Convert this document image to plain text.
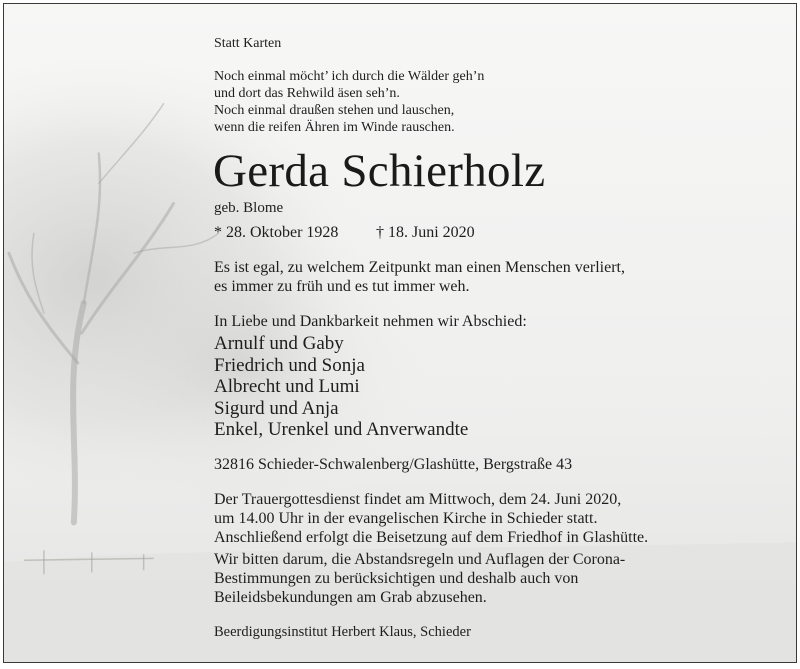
Statt Karten

Noch einmal möcht’ ich durch die Wälder geh’n
und dort das Rehwild äsen seh’n.
Noch einmal draußen stehen und lauschen,
wenn die reifen Ähren im Winde rauschen.
Gerda Schierholz

geb. Blome

* 28. Oktober 1928 † 18. Juni 2020

Es ist egal, zu welchem Zeitpunkt man einen Menschen verliert,
es immer zu früh und es tut immer weh.

In Liebe und Dankbarkeit nehmen wir Abschied:

Arnulf und Gaby
Friedrich und Sonja
Albrecht und Lumi
Sigurd und Anja
Enkel, Urenkel und Anverwandte

32816 Schieder-Schwalenberg/Glashütte, Bergstraße 43

Der Trauergottesdienst findet am Mittwoch, dem 24. Juni 2020,
um 14.00 Uhr in der evangelischen Kirche in Schieder statt.
Anschließend erfolgt die Beisetzung auf dem Friedhof in Glashütte.
Wir bitten darum, die Abstandsregeln und Auflagen der Corona-
Bestimmungen zu berücksichtigen und deshalb auch von
Beileidsbekundungen am Grab abzusehen.

Beerdigungsinstitut Herbert Klaus, Schieder
